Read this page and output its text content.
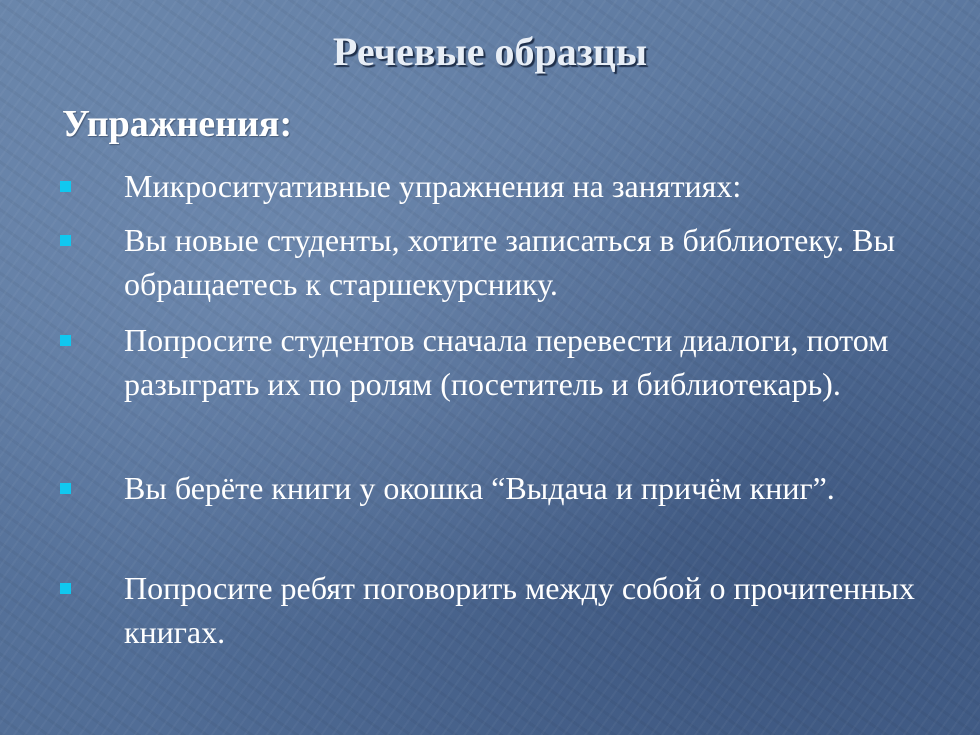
Речевые образцы
Упражнения:
Микроситуативные упражнения на занятиях:
Вы новые студенты, хотите записаться в библиотеку. Вы обращаетесь к старшекурснику.
Попросите студентов сначала перевести диалоги, потом разыграть их по ролям (посетитель и библиотекарь).
Вы берёте книги у окошка “Выдача и причём книг”.
Попросите ребят поговорить между собой о прочитенных книгах.
